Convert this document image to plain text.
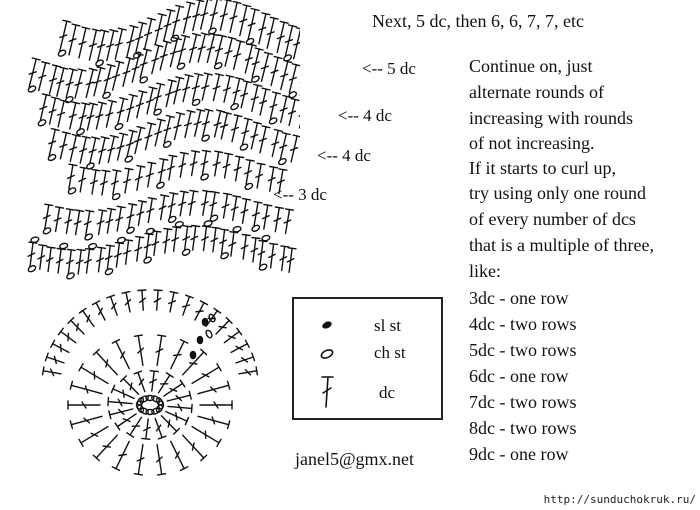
Next, 5 dc, then 6, 6, 7, 7, etc
<-- 5 dc
<-- 4 dc
<-- 4 dc
<-- 3 dc
Continue on, just
alternate rounds of
increasing with rounds
of not increasing.
If it starts to curl up,
try using only one round
of every number of dcs
that is a multiple of three,
like:
3dc - one row
4dc - two rows
5dc - two rows
6dc - one row
7dc - two rows
8dc - two rows
9dc - one row
sl st
ch st
dc
janel5@gmx.net
http://sunduchokruk.ru/
